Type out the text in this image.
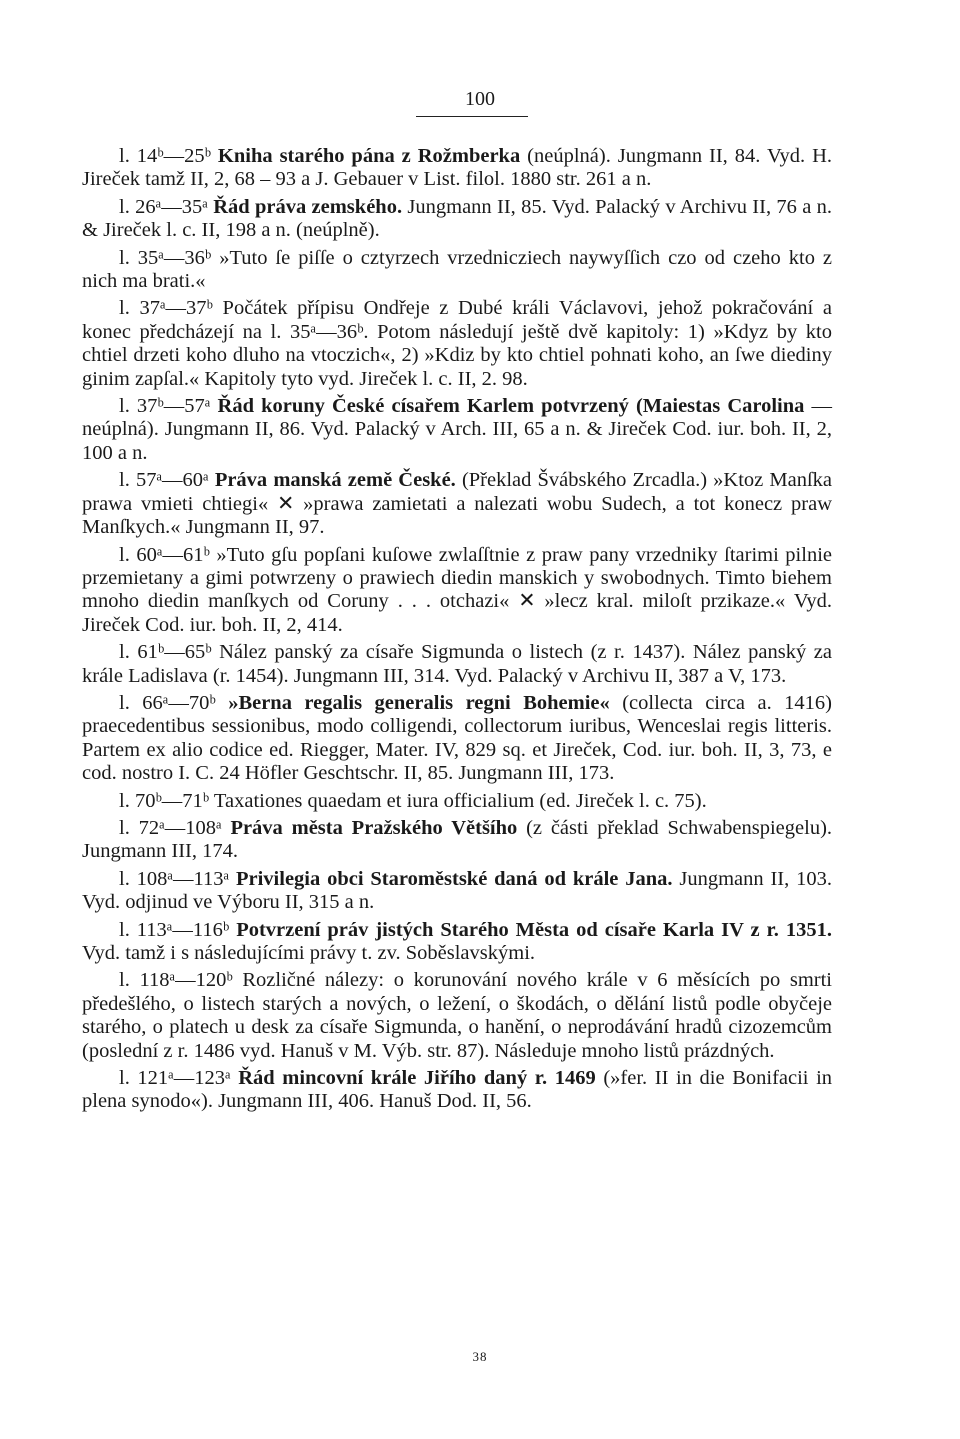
100

l. 14ᵇ—25ᵇ Kniha starého pána z Rožmberka (neúplná). Jungmann II, 84. Vyd. H. Jireček tamž II, 2, 68 – 93 a J. Gebauer v List. filol. 1880 str. 261 a n.

l. 26ᵃ—35ᵃ Řád práva zemského. Jungmann II, 85. Vyd. Palacký v Archivu II, 76 a n. & Jireček l. c. II, 198 a n. (neúplně).

l. 35ᵃ—36ᵇ »Tuto ſe piſſe o cztyrzech vrzednicziech naywyſſich czo od czeho kto z nich ma brati.«

l. 37ᵃ—37ᵇ Počátek přípisu Ondřeje z Dubé králi Václavovi, jehož pokračování a konec předcházejí na l. 35ᵃ—36ᵇ. Potom následují ještě dvě kapitoly: 1) »Kdyz by kto chtiel drzeti koho dluho na vtoczich«, 2) »Kdiz by kto chtiel pohnati koho, an ſwe diediny ginim zapſal.« Kapitoly tyto vyd. Jireček l. c. II, 2. 98.

l. 37ᵇ—57ᵃ Řád koruny České císařem Karlem potvrzený (Maiestas Carolina — neúplná). Jungmann II, 86. Vyd. Palacký v Arch. III, 65 a n. & Jireček Cod. iur. boh. II, 2, 100 a n.

l. 57ᵃ—60ᵃ Práva manská země České. (Překlad Švábského Zrcadla.) »Ktoz Manſka prawa vmieti chtiegi« ✕ »prawa zamietati a nalezati wobu Sudech, a tot konecz praw Manſkych.« Jungmann II, 97.

l. 60ᵃ—61ᵇ »Tuto gſu popſani kuſowe zwlaſſtnie z praw pany vrzedniky ſtarimi pilnie przemietany a gimi potwrzeny o prawiech diedin manskich y swobodnych. Timto biehem mnoho diedin manſkych od Coruny . . . otchazi« ✕ »lecz kral. miloſt przikaze.« Vyd. Jireček Cod. iur. boh. II, 2, 414.

l. 61ᵇ—65ᵇ Nález panský za císaře Sigmunda o listech (z r. 1437). Nález panský za krále Ladislava (r. 1454). Jungmann III, 314. Vyd. Palacký v Archivu II, 387 a V, 173.

l. 66ᵃ—70ᵇ »Berna regalis generalis regni Bohemie« (collecta circa a. 1416) praecedentibus sessionibus, modo colligendi, collectorum iuribus, Wenceslai regis litteris. Partem ex alio codice ed. Riegger, Mater. IV, 829 sq. et Jireček, Cod. iur. boh. II, 3, 73, e cod. nostro I. C. 24 Höfler Geschtschr. II, 85. Jungmann III, 173.

l. 70ᵇ—71ᵇ Taxationes quaedam et iura officialium (ed. Jireček l. c. 75).

l. 72ᵃ—108ᵃ Práva města Pražského Většího (z části překlad Schwabenspiegelu). Jungmann III, 174.

l. 108ᵃ—113ᵃ Privilegia obci Staroměstské daná od krále Jana. Jungmann II, 103. Vyd. odjinud ve Výboru II, 315 a n.

l. 113ᵃ—116ᵇ Potvrzení práv jistých Starého Města od císaře Karla IV z r. 1351. Vyd. tamž i s následujícími právy t. zv. Soběslavskými.

l. 118ᵃ—120ᵇ Rozličné nálezy: o korunování nového krále v 6 měsících po smrti předešlého, o listech starých a nových, o ležení, o škodách, o dělání listů podle obyčeje starého, o platech u desk za císaře Sigmunda, o hanění, o neprodávání hradů cizozemcům (poslední z r. 1486 vyd. Hanuš v M. Výb. str. 87). Následuje mnoho listů prázdných.

l. 121ᵃ—123ᵃ Řád mincovní krále Jiřího daný r. 1469 (»fer. II in die Bonifacii in plena synodo«). Jungmann III, 406. Hanuš Dod. II, 56.

38
